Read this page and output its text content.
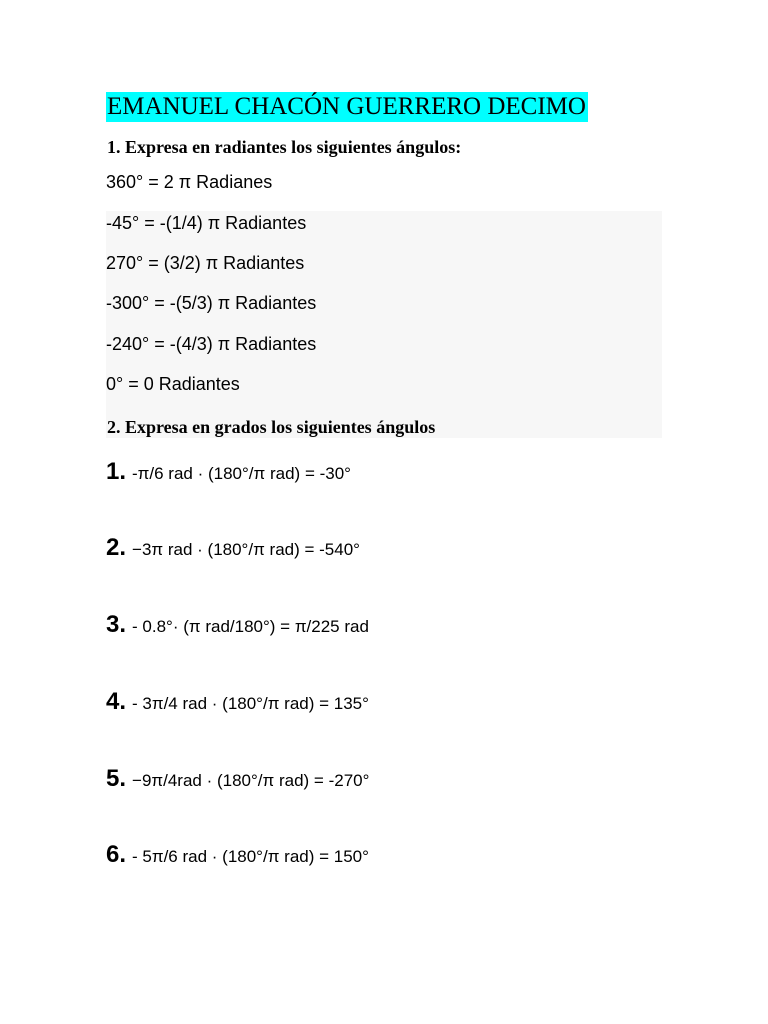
EMANUEL CHACÓN GUERRERO DECIMO
1. Expresa en radiantes los siguientes ángulos:
360° = 2 π Radianes
-45° = -(1/4) π Radiantes
270° = (3/2) π Radiantes
-300° = -(5/3) π Radiantes
-240° = -(4/3) π Radiantes
0° = 0 Radiantes
2. Expresa en grados los siguientes ángulos
1. -π/6 rad · (180°/π rad) = -30°
2. −3π rad · (180°/π rad) = -540°
3. - 0.8°· (π rad/180°) = π/225 rad
4. - 3π/4 rad · (180°/π rad) = 135°
5. −9π/4rad · (180°/π rad) = -270°
6. - 5π/6 rad · (180°/π rad) = 150°
